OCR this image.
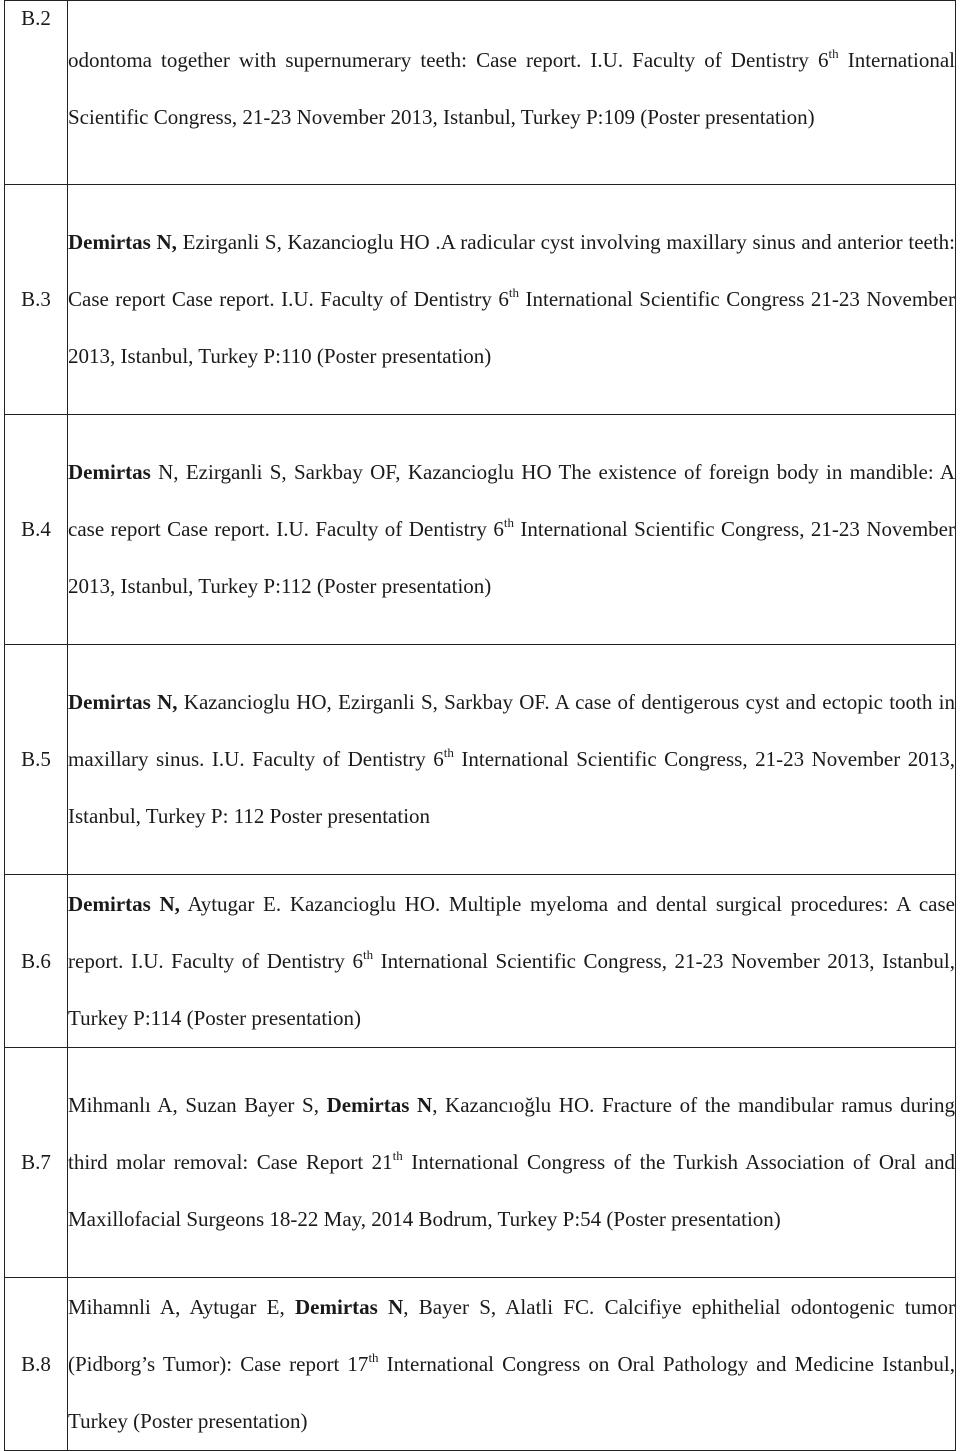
B.2	odontoma together with supernumerary teeth: Case report. I.U. Faculty of Dentistry 6th International Scientific Congress, 21-23 November 2013, Istanbul, Turkey P:109 (Poster presentation)

B.3	Demirtas N, Ezirganli S, Kazancioglu HO .A radicular cyst involving maxillary sinus and anterior teeth: Case report Case report. I.U. Faculty of Dentistry 6th International Scientific Congress 21-23 November 2013, Istanbul, Turkey P:110 (Poster presentation)

B.4	Demirtas N, Ezirganli S, Sarkbay OF, Kazancioglu HO The existence of foreign body in mandible: A case report Case report. I.U. Faculty of Dentistry 6th International Scientific Congress, 21-23 November 2013, Istanbul, Turkey P:112 (Poster presentation)

B.5	Demirtas N, Kazancioglu HO, Ezirganli S, Sarkbay OF. A case of dentigerous cyst and ectopic tooth in maxillary sinus. I.U. Faculty of Dentistry 6th International Scientific Congress, 21-23 November 2013, Istanbul, Turkey P: 112 Poster presentation

B.6	Demirtas N, Aytugar E. Kazancioglu HO. Multiple myeloma and dental surgical procedures: A case report. I.U. Faculty of Dentistry 6th International Scientific Congress, 21-23 November 2013, Istanbul, Turkey P:114 (Poster presentation)

B.7	Mihmanlı A, Suzan Bayer S, Demirtas N, Kazancıoğlu HO. Fracture of the mandibular ramus during third molar removal: Case Report 21th International Congress of the Turkish Association of Oral and Maxillofacial Surgeons 18-22 May, 2014 Bodrum, Turkey P:54 (Poster presentation)

B.8	Mihamnli A, Aytugar E, Demirtas N, Bayer S, Alatli FC. Calcifiye ephithelial odontogenic tumor (Pidborg’s Tumor): Case report 17th International Congress on Oral Pathology and Medicine Istanbul, Turkey (Poster presentation)
